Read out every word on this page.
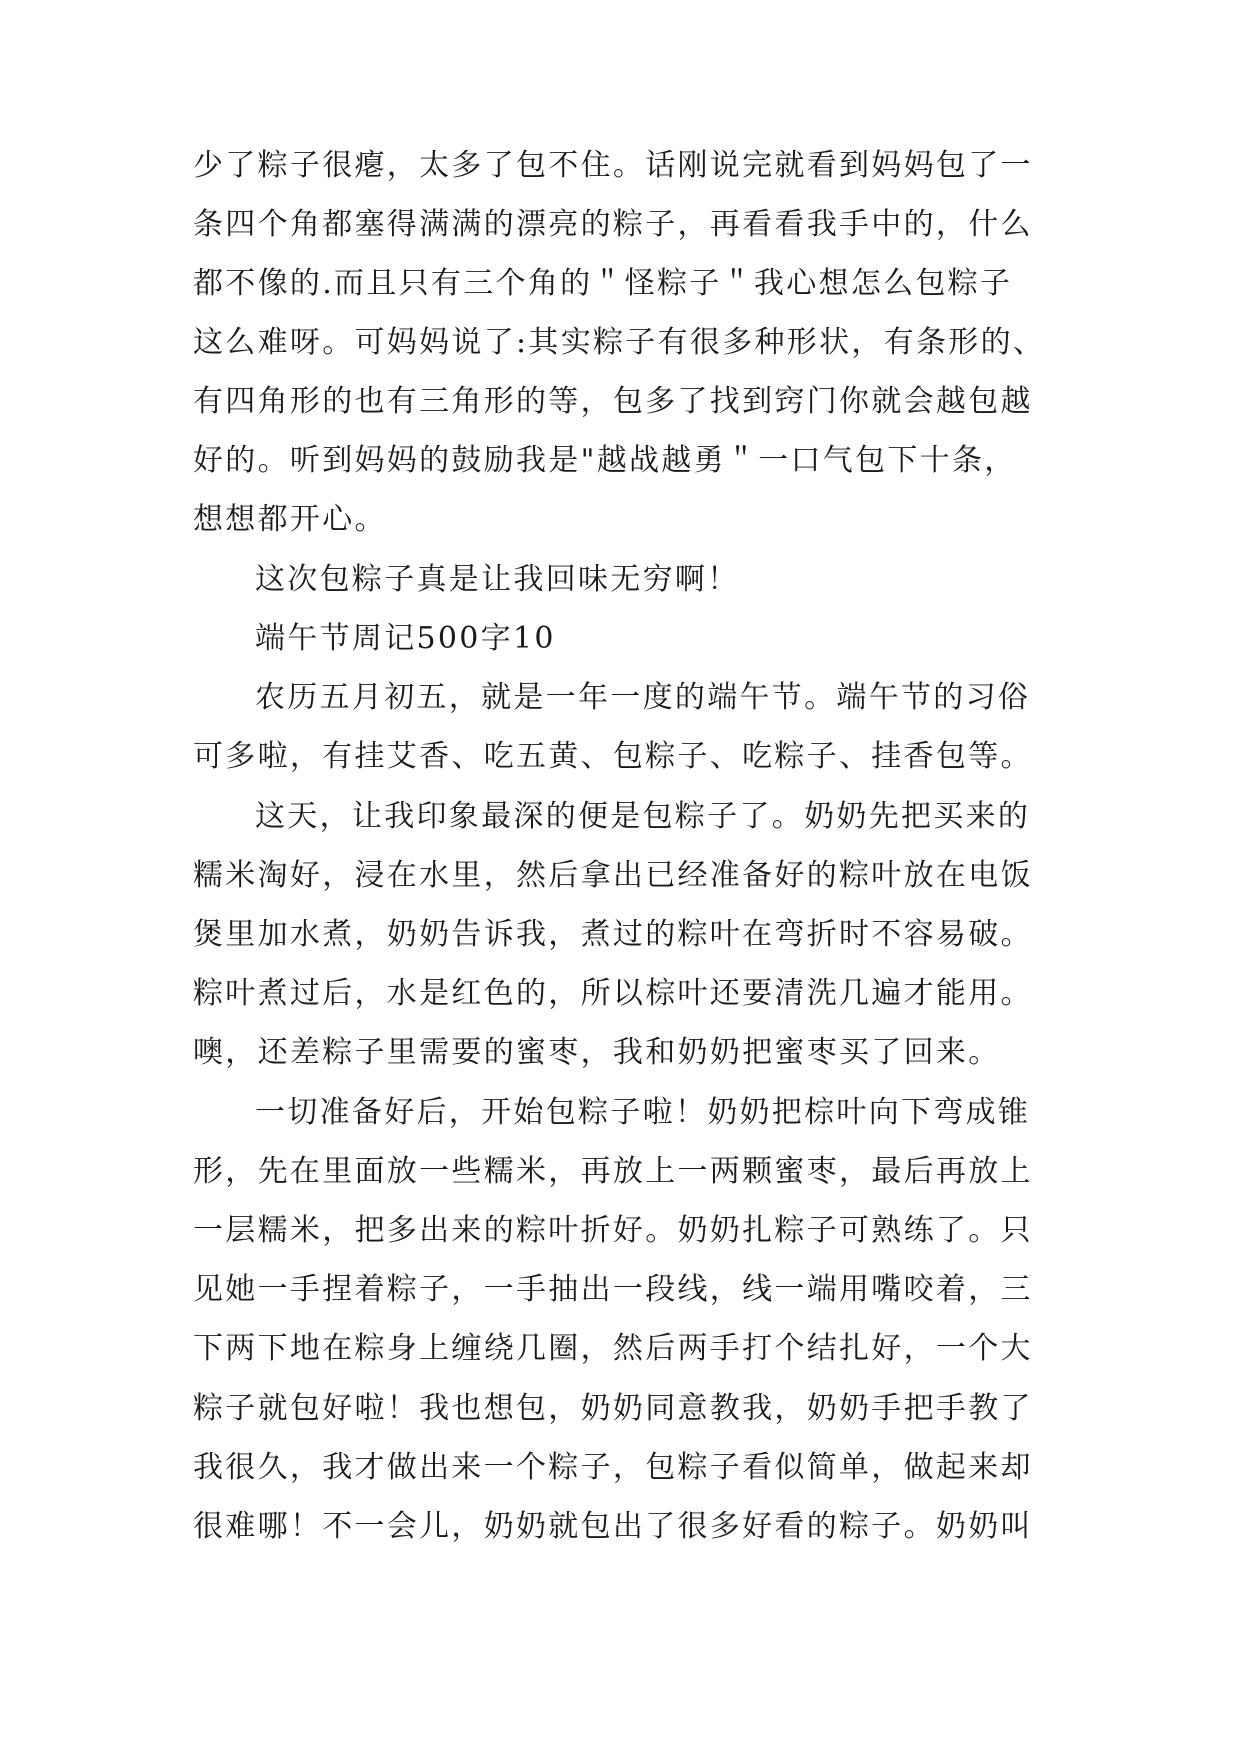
少了粽子很瘪，太多了包不住。话刚说完就看到妈妈包了一
条四个角都塞得满满的漂亮的粽子，再看看我手中的，什么
都不像的.而且只有三个角的＂怪粽子＂我心想怎么包粽子
这么难呀。可妈妈说了:其实粽子有很多种形状，有条形的、
有四角形的也有三角形的等，包多了找到窍门你就会越包越
好的。听到妈妈的鼓励我是"越战越勇＂一口气包下十条，
想想都开心。
这次包粽子真是让我回味无穷啊！
端午节周记500字10
农历五月初五，就是一年一度的端午节。端午节的习俗
可多啦，有挂艾香、吃五黄、包粽子、吃粽子、挂香包等。
这天，让我印象最深的便是包粽子了。奶奶先把买来的
糯米淘好，浸在水里，然后拿出已经准备好的粽叶放在电饭
煲里加水煮，奶奶告诉我，煮过的粽叶在弯折时不容易破。
粽叶煮过后，水是红色的，所以棕叶还要清洗几遍才能用。
噢，还差粽子里需要的蜜枣，我和奶奶把蜜枣买了回来。
一切准备好后，开始包粽子啦！奶奶把棕叶向下弯成锥
形，先在里面放一些糯米，再放上一两颗蜜枣，最后再放上
一层糯米，把多出来的粽叶折好。奶奶扎粽子可熟练了。只
见她一手捏着粽子，一手抽出一段线，线一端用嘴咬着，三
下两下地在粽身上缠绕几圈，然后两手打个结扎好，一个大
粽子就包好啦！我也想包，奶奶同意教我，奶奶手把手教了
我很久，我才做出来一个粽子，包粽子看似简单，做起来却
很难哪！不一会儿，奶奶就包出了很多好看的粽子。奶奶叫
